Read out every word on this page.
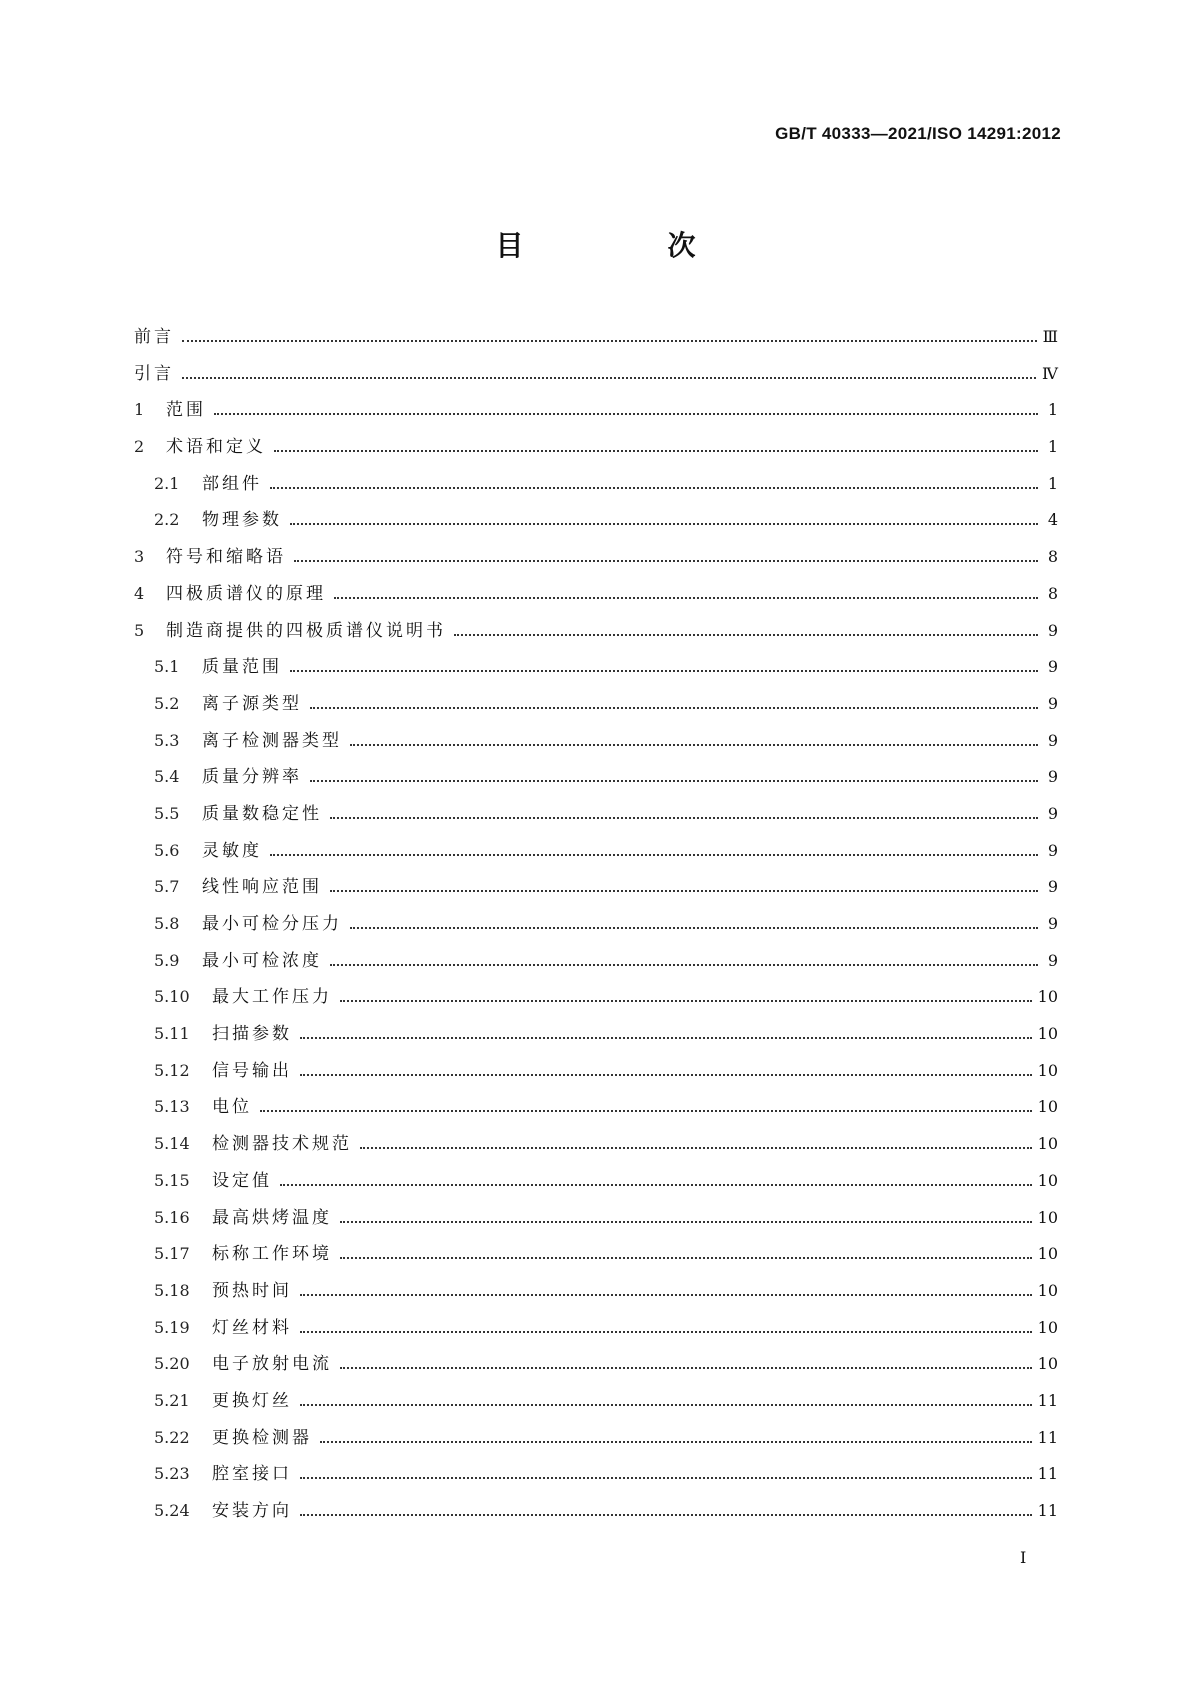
GB/T 40333—2021/ISO 14291:2012
目　次
前言	Ⅲ
引言	Ⅳ
1	范围	1
2	术语和定义	1
2.1	部组件	1
2.2	物理参数	4
3	符号和缩略语	8
4	四极质谱仪的原理	8
5	制造商提供的四极质谱仪说明书	9
5.1	质量范围	9
5.2	离子源类型	9
5.3	离子检测器类型	9
5.4	质量分辨率	9
5.5	质量数稳定性	9
5.6	灵敏度	9
5.7	线性响应范围	9
5.8	最小可检分压力	9
5.9	最小可检浓度	9
5.10	最大工作压力	10
5.11	扫描参数	10
5.12	信号输出	10
5.13	电位	10
5.14	检测器技术规范	10
5.15	设定值	10
5.16	最高烘烤温度	10
5.17	标称工作环境	10
5.18	预热时间	10
5.19	灯丝材料	10
5.20	电子放射电流	10
5.21	更换灯丝	11
5.22	更换检测器	11
5.23	腔室接口	11
5.24	安装方向	11
I
